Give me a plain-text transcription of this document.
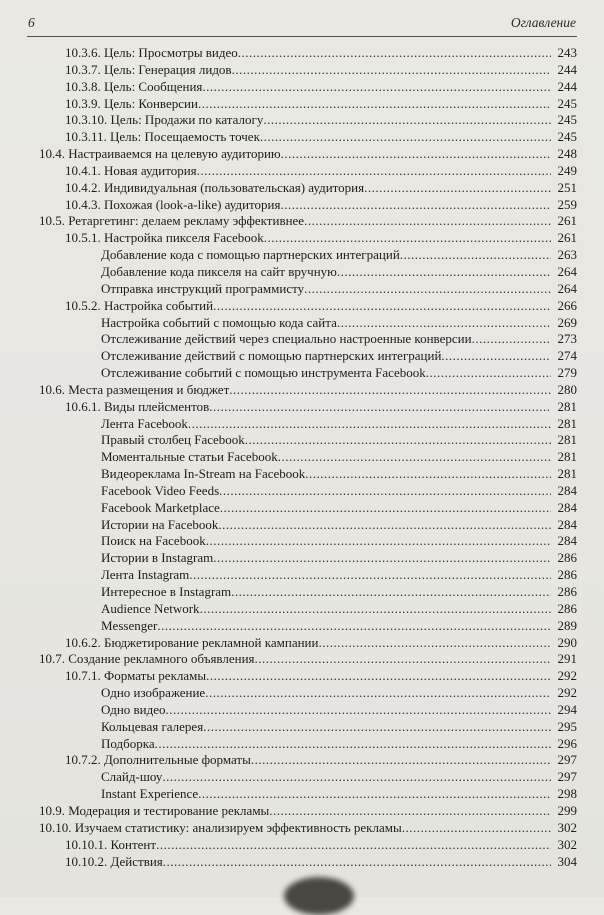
6	Оглавление
10.3.6. Цель: Просмотры видео .....	243
10.3.7. Цель: Генерация лидов .....	244
10.3.8. Цель: Сообщения .....	244
10.3.9. Цель: Конверсии .....	245
10.3.10. Цель: Продажи по каталогу .....	245
10.3.11. Цель: Посещаемость точек .....	245
10.4. Настраиваемся на целевую аудиторию .....	248
10.4.1. Новая аудитория .....	249
10.4.2. Индивидуальная (пользовательская) аудитория .....	251
10.4.3. Похожая (look-a-like) аудитория .....	259
10.5. Ретаргетинг: делаем рекламу эффективнее .....	261
10.5.1. Настройка пикселя Facebook .....	261
Добавление кода с помощью партнерских интеграций .....	263
Добавление кода пикселя на сайт вручную .....	264
Отправка инструкций программисту .....	264
10.5.2. Настройка событий .....	266
Настройка событий с помощью кода сайта .....	269
Отслеживание действий через специально настроенные конверсии .....	273
Отслеживание действий с помощью партнерских интеграций .....	274
Отслеживание событий с помощью инструмента Facebook .....	279
10.6. Места размещения и бюджет .....	280
10.6.1. Виды плейсментов .....	281
Лента Facebook .....	281
Правый столбец Facebook .....	281
Моментальные статьи Facebook .....	281
Видеореклама In-Stream на Facebook .....	281
Facebook Video Feeds .....	284
Facebook Marketplace .....	284
Истории на Facebook .....	284
Поиск на Facebook .....	284
Истории в Instagram .....	286
Лента Instagram .....	286
Интересное в Instagram .....	286
Audience Network .....	286
Messenger .....	289
10.6.2. Бюджетирование рекламной кампании .....	290
10.7. Создание рекламного объявления .....	291
10.7.1. Форматы рекламы .....	292
Одно изображение .....	292
Одно видео .....	294
Кольцевая галерея .....	295
Подборка .....	296
10.7.2. Дополнительные форматы .....	297
Слайд-шоу .....	297
Instant Experience .....	298
10.9. Модерация и тестирование рекламы .....	299
10.10. Изучаем статистику: анализируем эффективность рекламы .....	302
10.10.1. Контент .....	302
10.10.2. Действия .....	304
